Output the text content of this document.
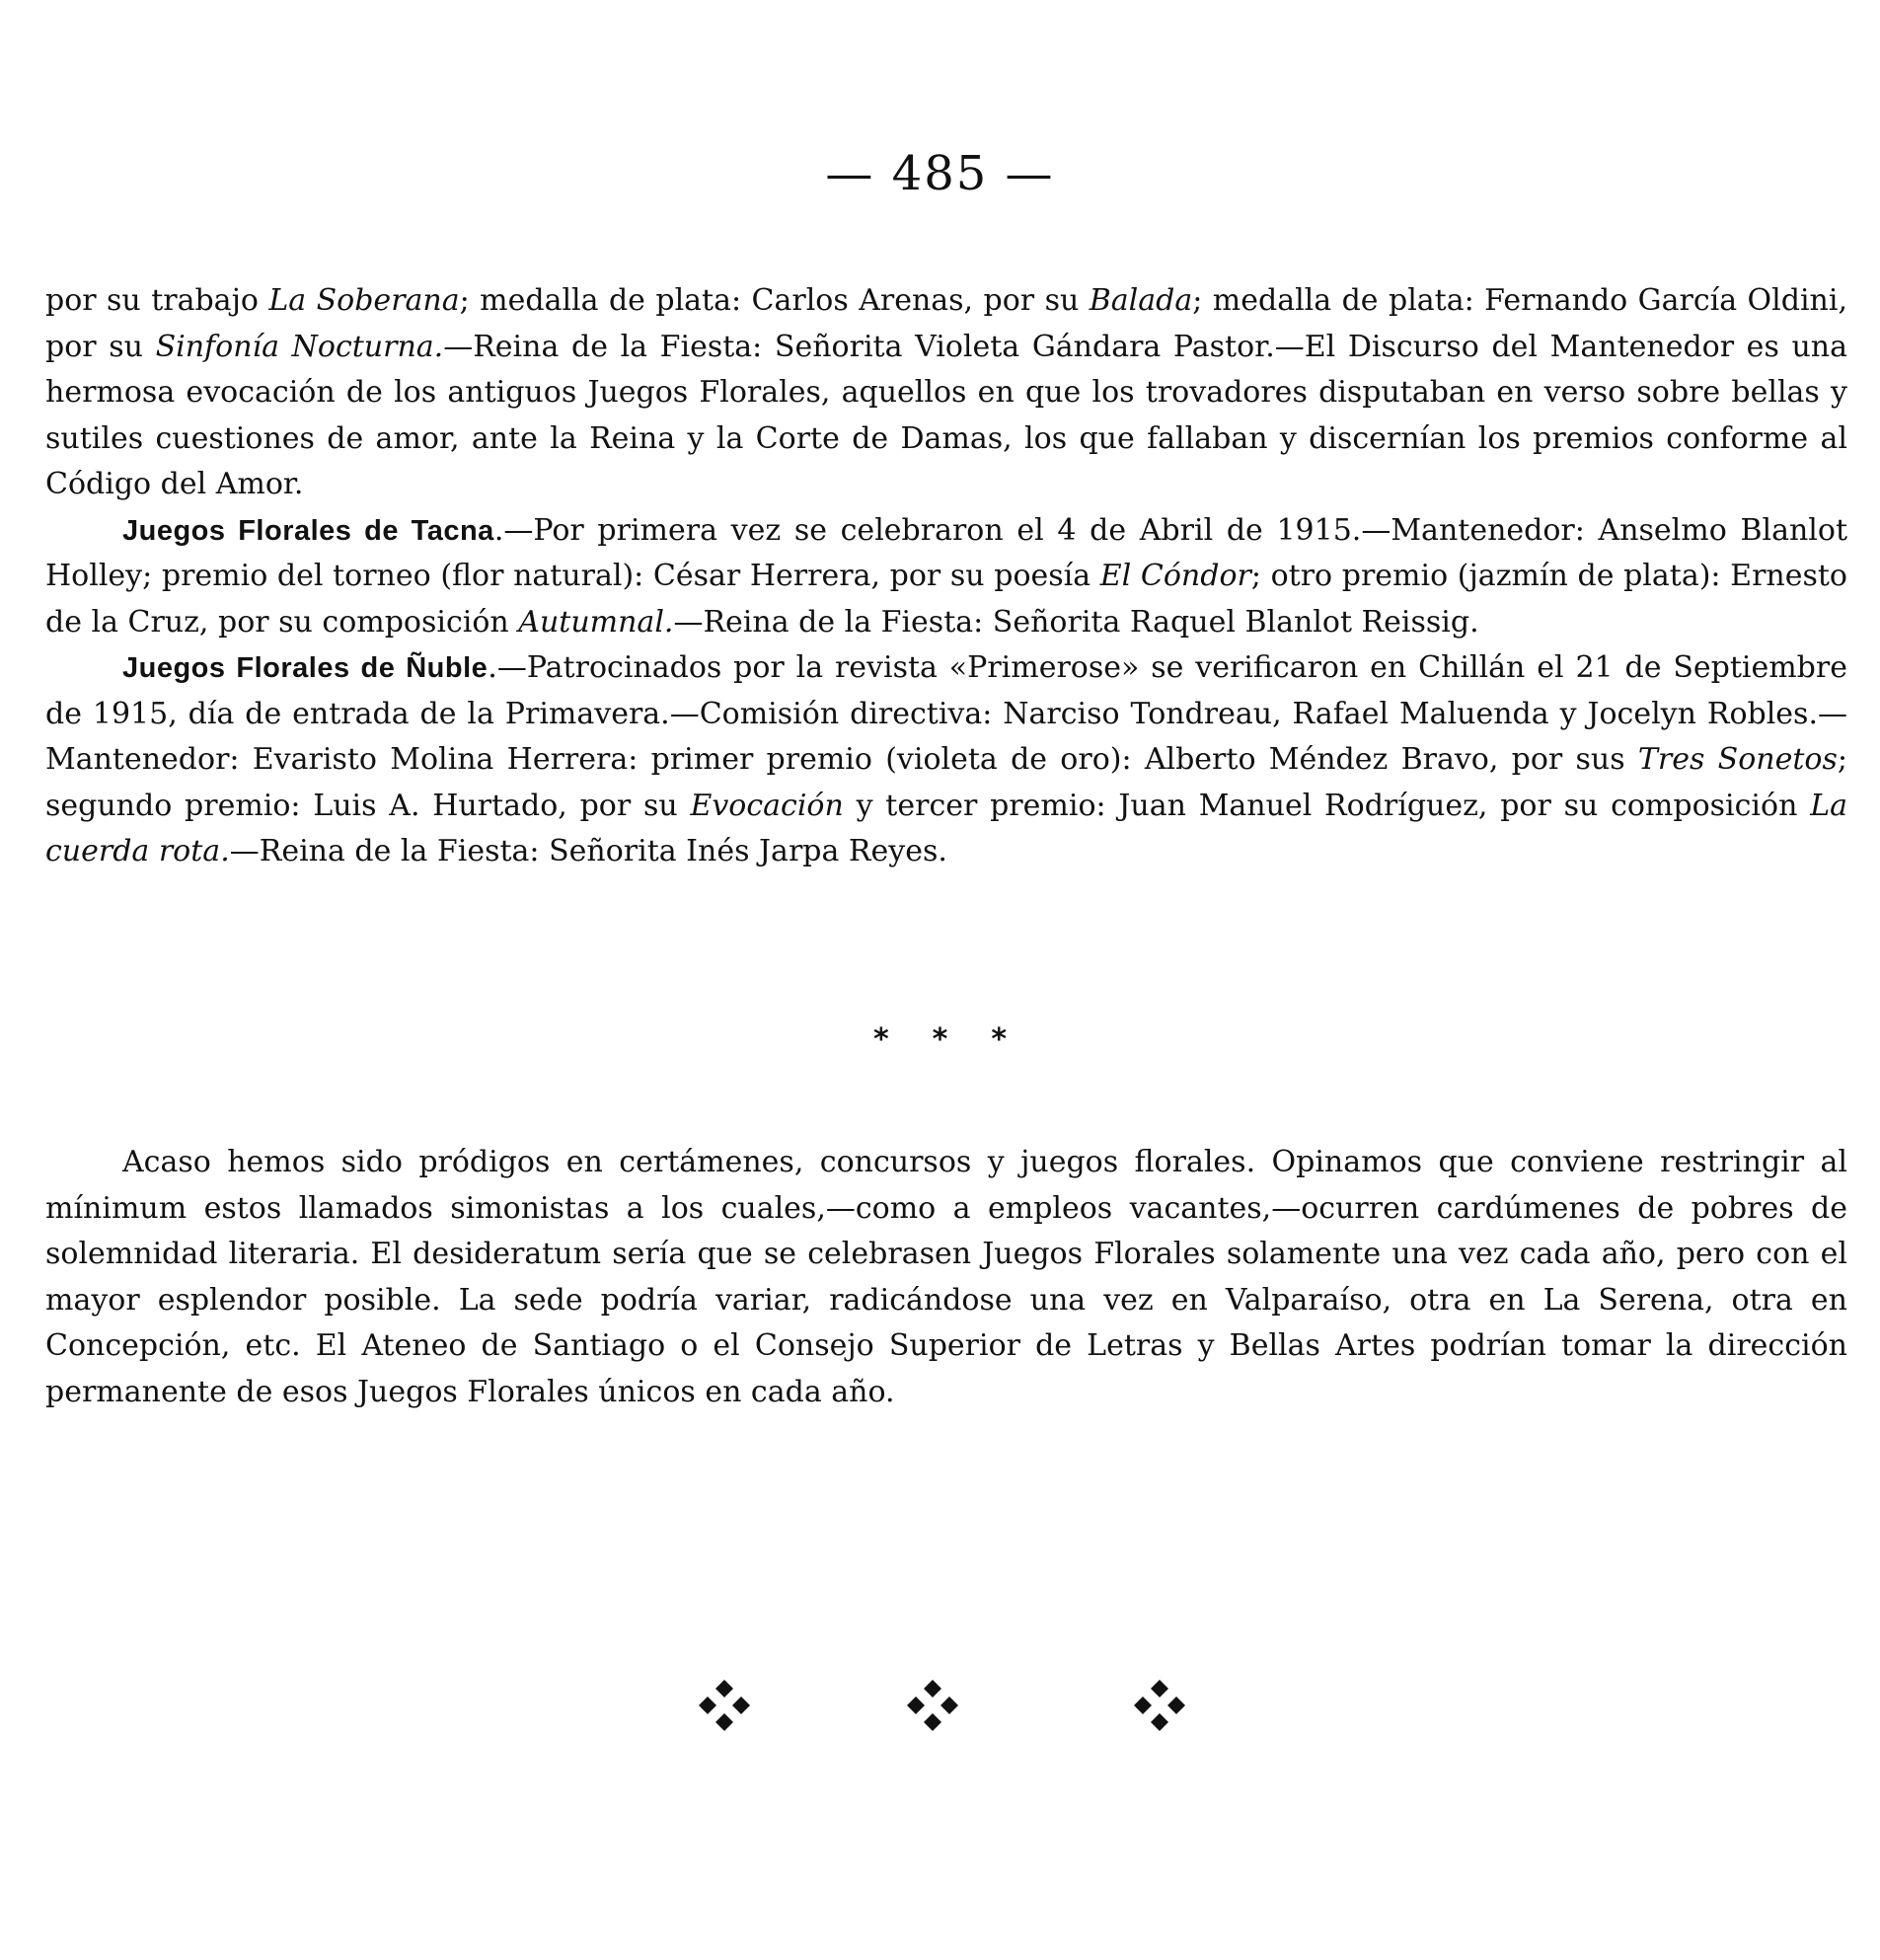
— 485 —

por su trabajo La Soberana; medalla de plata: Carlos Arenas, por su Balada; medalla de plata: Fernando García Oldini, por su Sinfonía Nocturna.—Reina de la Fiesta: Señorita Violeta Gándara Pastor.—El Discurso del Mantenedor es una hermosa evocación de los antiguos Juegos Florales, aquellos en que los trovadores disputaban en verso sobre bellas y sutiles cuestiones de amor, ante la Reina y la Corte de Damas, los que fallaban y discernían los premios conforme al Código del Amor.

Juegos Florales de Tacna.—Por primera vez se celebraron el 4 de Abril de 1915.—Mantenedor: Anselmo Blanlot Holley; premio del torneo (flor natural): César Herrera, por su poesía El Cóndor; otro premio (jazmín de plata): Ernesto de la Cruz, por su composición Autumnal.—Reina de la Fiesta: Señorita Raquel Blanlot Reissig.

Juegos Florales de Ñuble.—Patrocinados por la revista «Primerose» se verificaron en Chillán el 21 de Septiembre de 1915, día de entrada de la Primavera.—Comisión directiva: Narciso Tondreau, Rafael Maluenda y Jocelyn Robles.—Mantenedor: Evaristo Molina Herrera: primer premio (violeta de oro): Alberto Méndez Bravo, por sus Tres Sonetos; segundo premio: Luis A. Hurtado, por su Evocación y tercer premio: Juan Manuel Rodríguez, por su composición La cuerda rota.—Reina de la Fiesta: Señorita Inés Jarpa Reyes.

* * *

Acaso hemos sido pródigos en certámenes, concursos y juegos florales. Opinamos que conviene restringir al mínimum estos llamados simonistas a los cuales,—como a empleos vacantes,—ocurren cardúmenes de pobres de solemnidad literaria. El desideratum sería que se celebrasen Juegos Florales solamente una vez cada año, pero con el mayor esplendor posible. La sede podría variar, radicándose una vez en Valparaíso, otra en La Serena, otra en Concepción, etc. El Ateneo de Santiago o el Consejo Superior de Letras y Bellas Artes podrían tomar la dirección permanente de esos Juegos Florales únicos en cada año.
